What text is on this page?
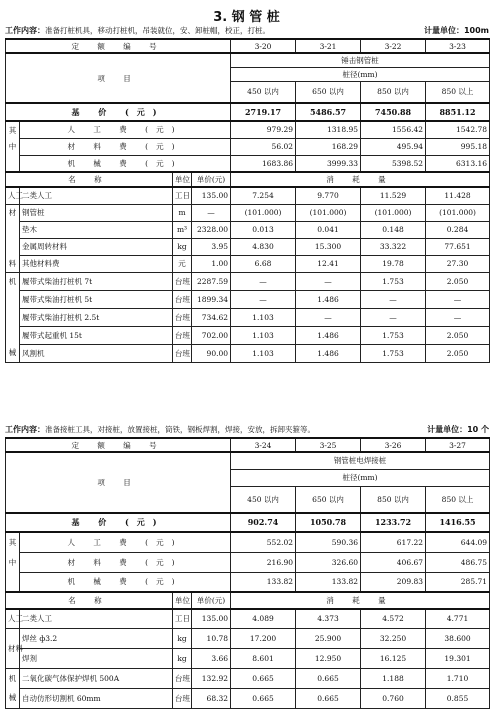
3. 钢 管 桩
工作内容：准备打桩机具，移动打桩机，吊装就位，安、卸桩帽，校正，打桩。	计量单位：100m
定 额 编 号				3-20	3-21	3-22	3-23
项 目				锤击钢管桩			
				桩径(mm)			
				450 以内	650 以内	850 以内	850 以上
基 价 (元)				2719.17	5486.57	7450.88	8851.12
其	人 工 费 (元)			979.29	1318.95	1556.42	1542.78
中	材 料 费 (元)			56.02	168.29	495.94	995.18
	机 械 费 (元)			1683.86	3999.33	5398.52	6313.16
名 称		单位	单价(元)	消 耗 量			
人工	二类人工	工日	135.00	7.254	9.770	11.529	11.428
材	钢管桩	m	—	(101.000)	(101.000)	(101.000)	(101.000)
	垫木	m³	2328.00	0.013	0.041	0.148	0.284
	金属周转材料	kg	3.95	4.830	15.300	33.322	77.651
料	其他材料费	元	1.00	6.68	12.41	19.78	27.30
机	履带式柴油打桩机 7t	台班	2287.59	—	—	1.753	2.050
	履带式柴油打桩机 5t	台班	1899.34	—	1.486	—	—
	履带式柴油打桩机 2.5t	台班	734.62	1.103	—	—	—
	履带式起重机 15t	台班	702.00	1.103	1.486	1.753	2.050
械	风割机	台班	90.00	1.103	1.486	1.753	2.050
工作内容：准备接桩工具，对接桩，放置接桩，筒铁，钢板焊割，焊接，安放，拆卸夹箍等。	计量单位：10 个
定 额 编 号				3-24	3-25	3-26	3-27
项 目				钢管桩电焊接桩			
				桩径(mm)			
				450 以内	650 以内	850 以内	850 以上
基 价 (元)				902.74	1050.78	1233.72	1416.55
其	人 工 费 (元)			552.02	590.36	617.22	644.09
中	材 料 费 (元)			216.90	326.60	406.67	486.75
	机 械 费 (元)			133.82	133.82	209.83	285.71
名 称		单位	单价(元)	消 耗 量			
人工	二类人工	工日	135.00	4.089	4.373	4.572	4.771
材料	焊丝 ф3.2	kg	10.78	17.200	25.900	32.250	38.600
	焊剂	kg	3.66	8.601	12.950	16.125	19.301
机	二氧化碳气体保护焊机 500A	台班	132.92	0.665	0.665	1.188	1.710
械	自动仿形切割机 60mm	台班	68.32	0.665	0.665	0.760	0.855
